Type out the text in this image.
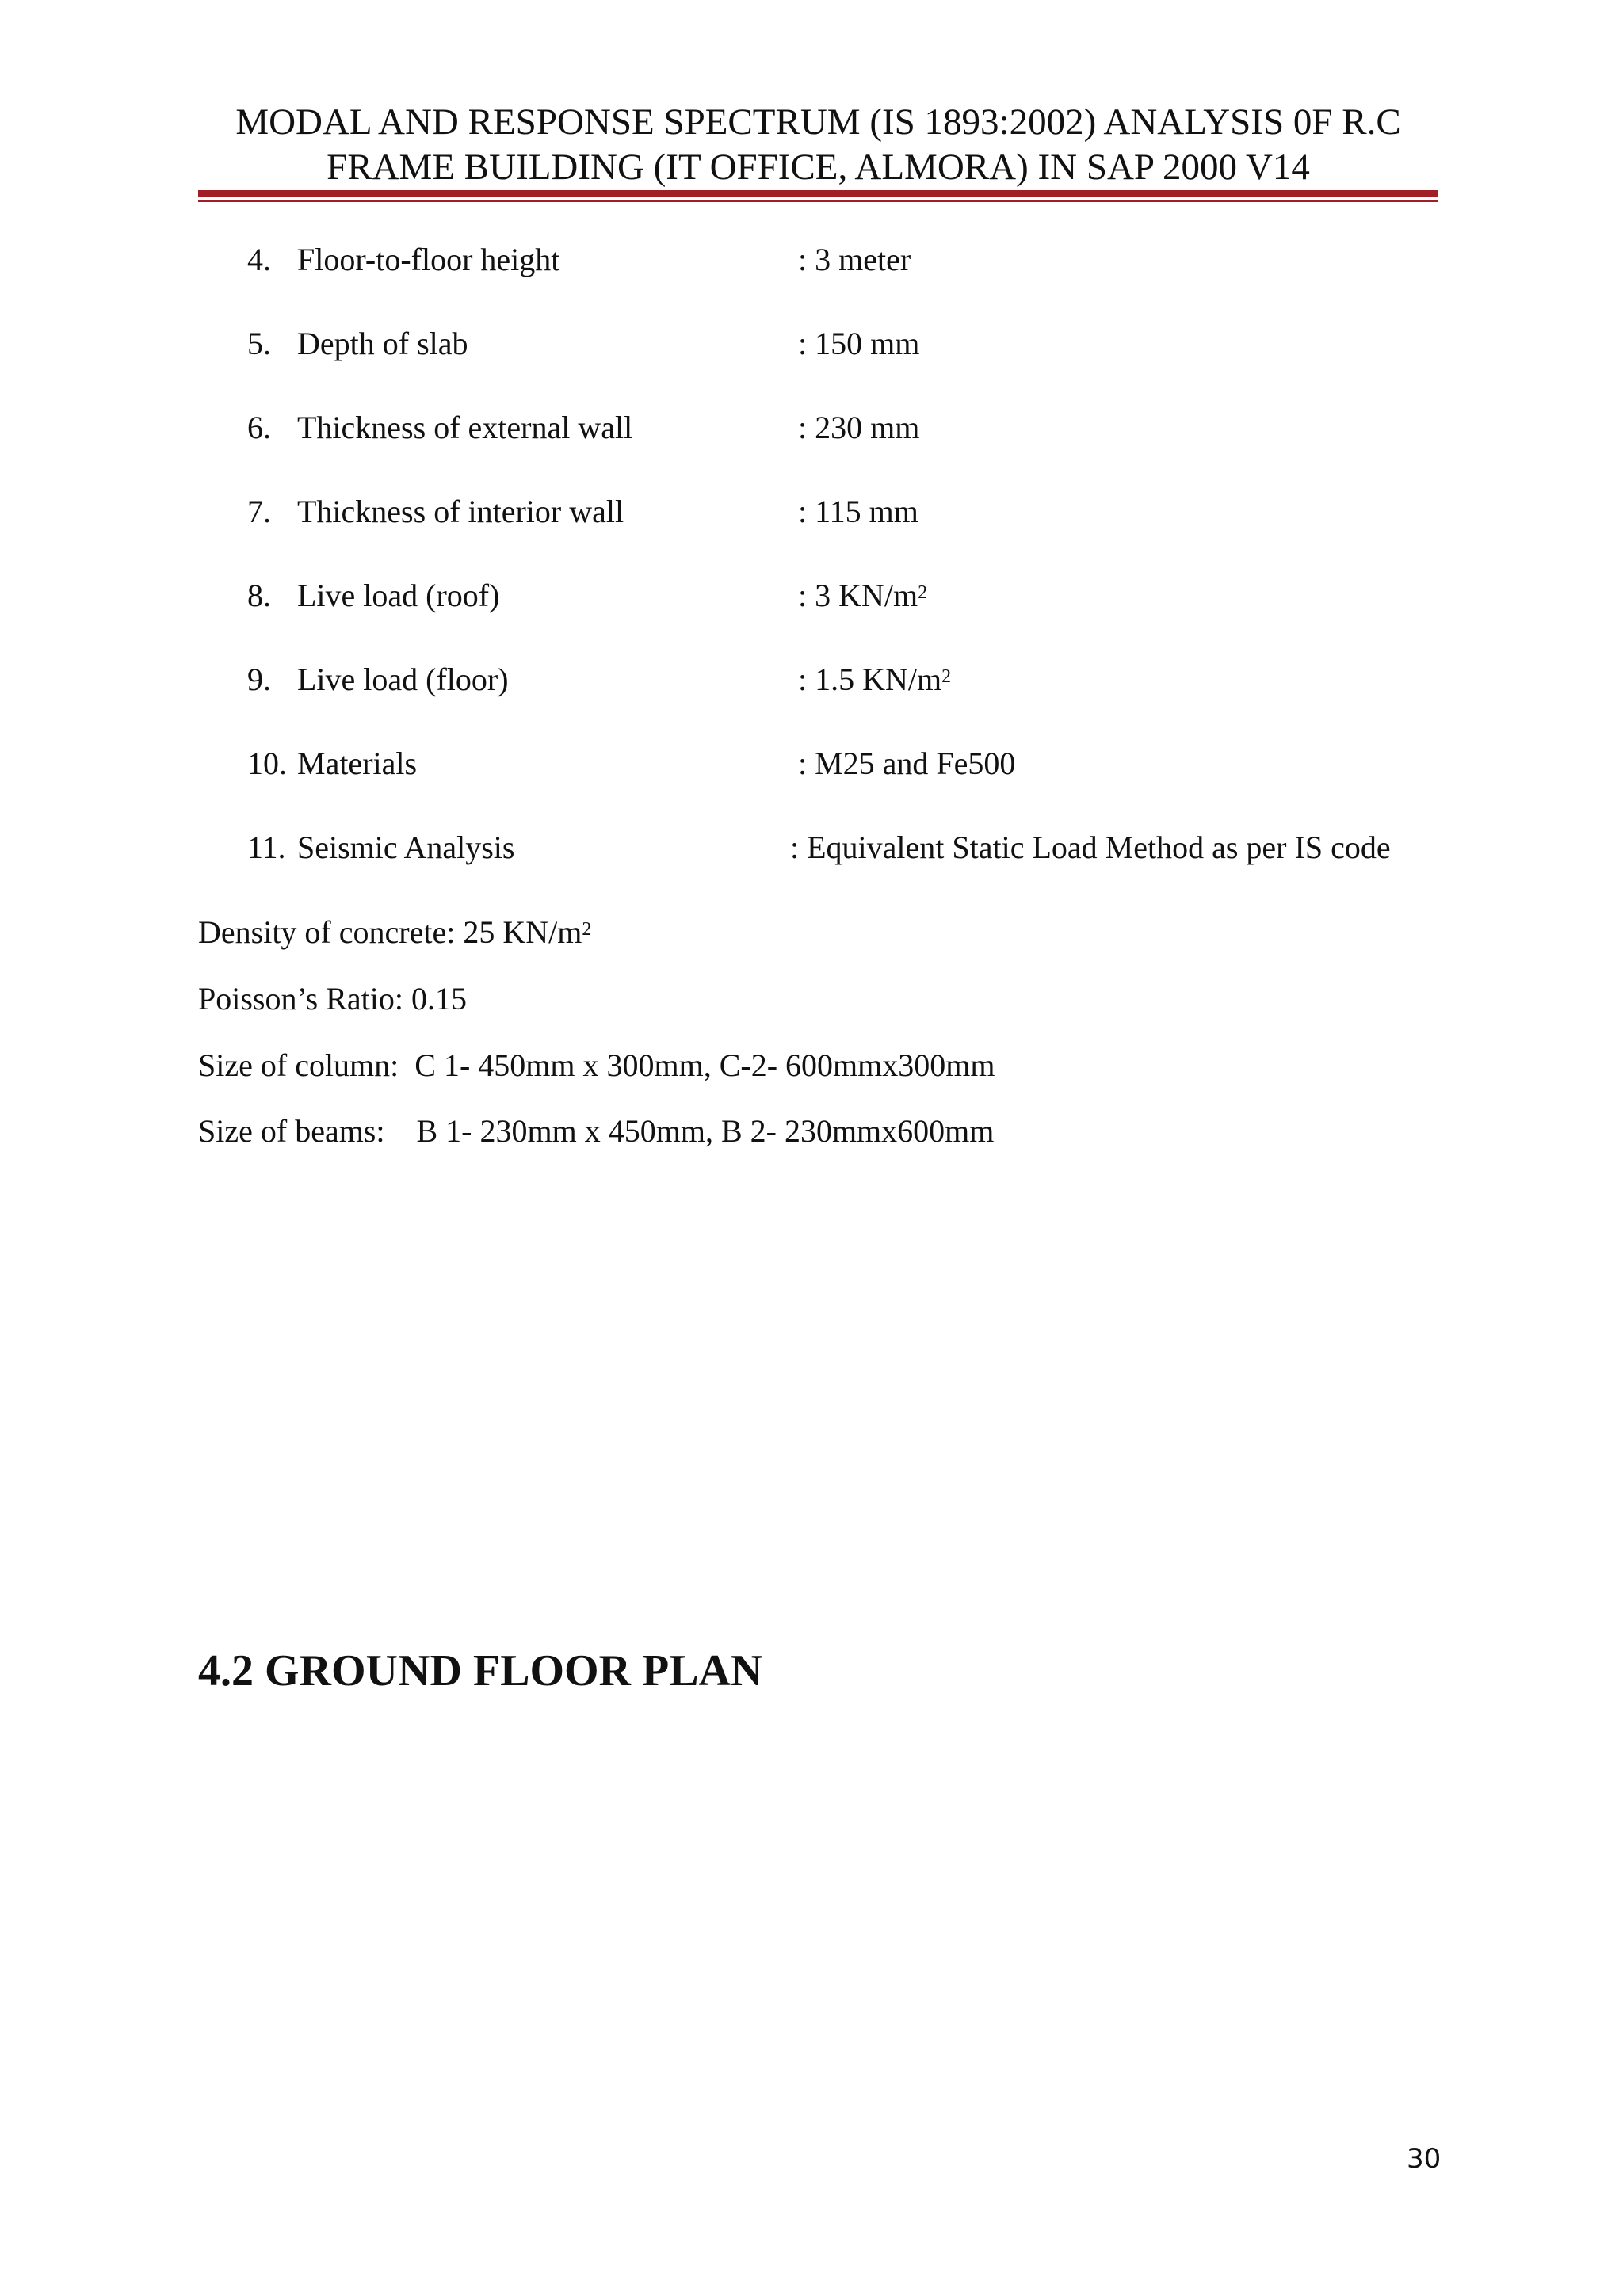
MODAL AND RESPONSE SPECTRUM (IS 1893:2002) ANALYSIS 0F R.C
FRAME BUILDING (IT OFFICE, ALMORA) IN SAP 2000 V14
4. Floor-to-floor height	: 3 meter
5. Depth of slab	: 150 mm
6. Thickness of external wall	: 230 mm
7. Thickness of interior wall	: 115 mm
8. Live load (roof)	: 3 $KN/m^2$
9. Live load (floor)	: 1.5 $KN/m^2$
10. Materials	: M25 and Fe500
11. Seismic Analysis	: Equivalent Static Load Method as per IS code
Density of concrete: 25 $KN/m^2$
Poisson’s Ratio: 0.15
Size of column:  C 1- 450mm x 300mm, C-2- 600mmx300mm
Size of beams:    B 1- 230mm x 450mm, B 2- 230mmx600mm
4.2 GROUND FLOOR PLAN
30
